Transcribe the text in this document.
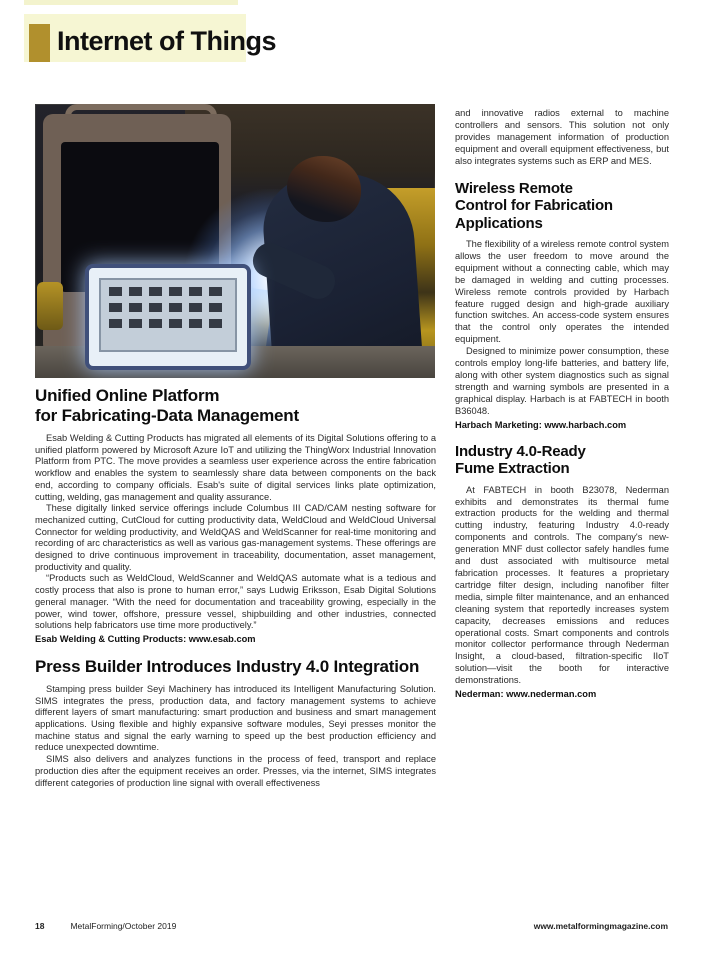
Internet of Things
Unified Online Platform
for Fabricating-Data Management

Esab Welding & Cutting Products has migrated all elements of its Digital Solutions offering to a unified platform powered by Microsoft Azure IoT and utilizing the ThingWorx Industrial Innovation Platform from PTC. The move provides a seamless user experience across the entire fabrication workflow and enables the system to seamlessly share data between components on the back end, according to company officials. Esab's suite of digital services links plate optimization, cutting, welding, gas management and quality assurance.

These digitally linked service offerings include Columbus III CAD/CAM nesting software for mechanized cutting, CutCloud for cutting productivity data, WeldCloud and WeldCloud Universal Connector for welding productivity, and WeldQAS and WeldScanner for real-time monitoring and recording of arc characteristics as well as various gas-management systems. These offerings are designed to drive continuous improvement in traceability, documentation, asset management, productivity and quality.

“Products such as WeldCloud, WeldScanner and WeldQAS automate what is a tedious and costly process that also is prone to human error,” says Ludwig Eriksson, Esab Digital Solutions general manager. “With the need for documentation and traceability growing, especially in the power, wind tower, offshore, pressure vessel, shipbuilding and other industries, connected solutions help fabricators use time more productively.”

Esab Welding & Cutting Products: www.esab.com
Press Builder Introduces Industry 4.0 Integration

Stamping press builder Seyi Machinery has introduced its Intelligent Manufacturing Solution. SIMS integrates the press, production data, and factory management systems to achieve different layers of smart manufacturing: smart production and business and smart management applications. Using flexible and highly expansive software modules, Seyi presses monitor the machine status and signal the early warning to speed up the best production efficiency and reduce unexpected downtime.

SIMS also delivers and analyzes functions in the process of feed, transport and replace production dies after the equipment receives an order. Presses, via the internet, SIMS integrates different categories of production line signal with overall effectiveness

and innovative radios external to machine controllers and sensors. This solution not only provides management information of production equipment and overall equipment effectiveness, but also integrates systems such as ERP and MES.

Wireless Remote
Control for Fabrication
Applications

The flexibility of a wireless remote control system allows the user freedom to move around the equipment without a connecting cable, which may be damaged in welding and cutting processes. Wireless remote controls provided by Harbach feature rugged design and high-grade auxiliary function switches. An access-code system ensures that the control only operates the intended equipment.

Designed to minimize power consumption, these controls employ long-life batteries, and battery life, along with other system diagnostics such as signal strength and warning symbols are presented in a graphical display. Harbach is at FABTECH in booth B36048.

Harbach Marketing: www.harbach.com
Industry 4.0-Ready
Fume Extraction

At FABTECH in booth B23078, Nederman exhibits and demonstrates its thermal fume extraction products for the welding and thermal cutting industry, featuring Industry 4.0-ready components and controls. The company's new-generation MNF dust collector safely handles fume and dust associated with multisource metal fabrication processes. It features a proprietary cartridge filter design, including nanofiber filter media, simple filter maintenance, and an enhanced cleaning system that reportedly increases system capacity, decreases emissions and reduces operational costs. Smart components and controls monitor collector performance through Nederman Insight, a cloud-based, filtration-specific IIoT solution—visit the booth for interactive demonstrations.

Nederman: www.nederman.com
18	MetalForming/October 2019	www.metalformingmagazine.com
